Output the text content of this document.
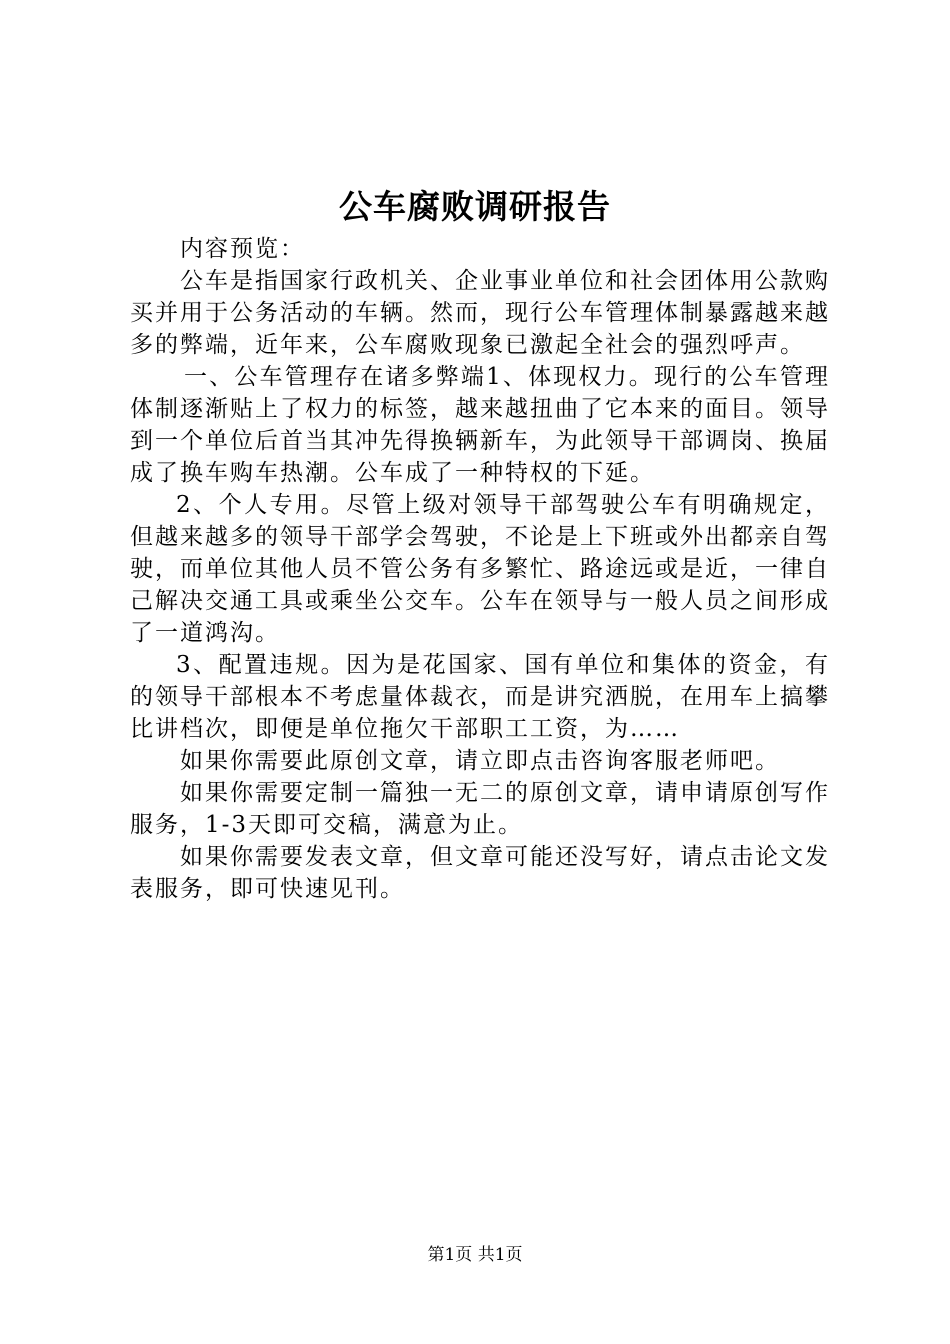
公车腐败调研报告

内容预览：

公车是指国家行政机关、企业事业单位和社会团体用公款购买并用于公务活动的车辆。然而，现行公车管理体制暴露越来越多的弊端，近年来，公车腐败现象已激起全社会的强烈呼声。

一、公车管理存在诸多弊端1、体现权力。现行的公车管理体制逐渐贴上了权力的标签，越来越扭曲了它本来的面目。领导到一个单位后首当其冲先得换辆新车，为此领导干部调岗、换届成了换车购车热潮。公车成了一种特权的下延。

2、个人专用。尽管上级对领导干部驾驶公车有明确规定，但越来越多的领导干部学会驾驶，不论是上下班或外出都亲自驾驶，而单位其他人员不管公务有多繁忙、路途远或是近，一律自己解决交通工具或乘坐公交车。公车在领导与一般人员之间形成了一道鸿沟。

3、配置违规。因为是花国家、国有单位和集体的资金，有的领导干部根本不考虑量体裁衣，而是讲究洒脱，在用车上搞攀比讲档次，即便是单位拖欠干部职工工资，为……

如果你需要此原创文章，请立即点击咨询客服老师吧。

如果你需要定制一篇独一无二的原创文章，请申请原创写作服务，1-3天即可交稿，满意为止。

如果你需要发表文章，但文章可能还没写好，请点击论文发表服务，即可快速见刊。

第1页 共1页
